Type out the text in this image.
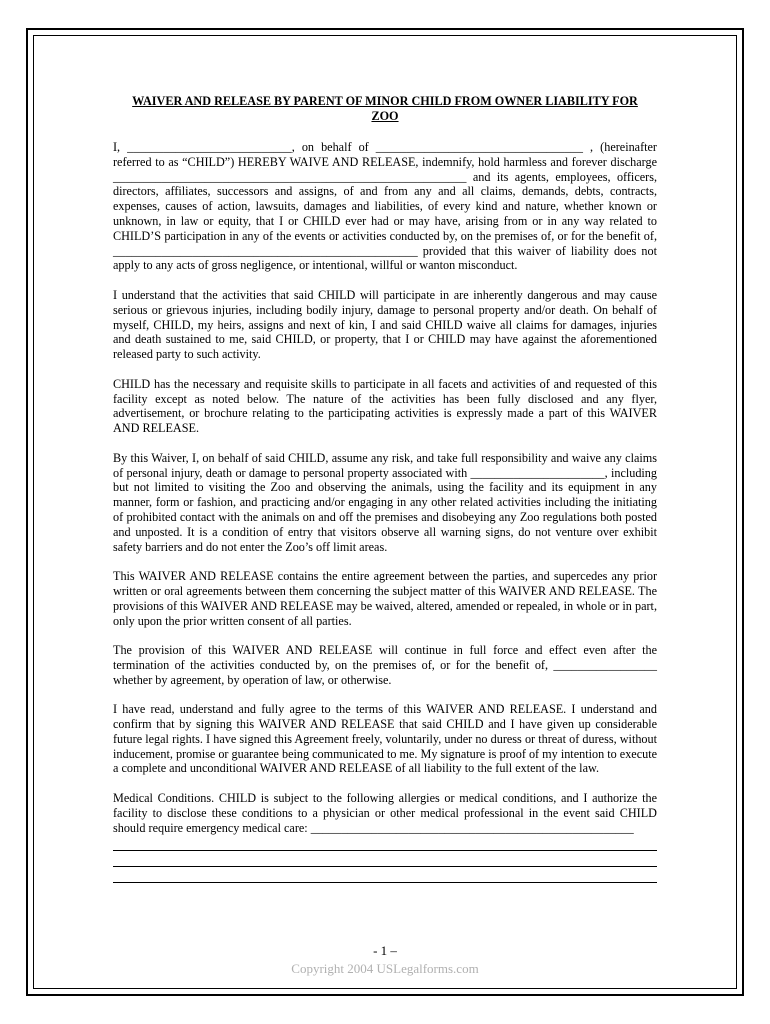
WAIVER AND RELEASE BY PARENT OF MINOR CHILD FROM OWNER LIABILITY FOR
ZOO
I, ___________________________, on behalf of __________________________________ , (hereinafter referred to as “CHILD”) HEREBY WAIVE AND RELEASE, indemnify, hold harmless and forever discharge __________________________________________________________ and its agents, employees, officers, directors, affiliates, successors and assigns, of and from any and all claims, demands, debts, contracts, expenses, causes of action, lawsuits, damages and liabilities, of every kind and nature, whether known or unknown, in law or equity, that I or CHILD ever had or may have, arising from or in any way related to CHILD’S participation in any of the events or activities conducted by, on the premises of, or for the benefit of, __________________________________________________ provided that this waiver of liability does not apply to any acts of gross negligence, or intentional, willful or wanton misconduct.
I understand that the activities that said CHILD will participate in are inherently dangerous and may cause serious or grievous injuries, including bodily injury, damage to personal property and/or death. On behalf of myself, CHILD, my heirs, assigns and next of kin, I and said CHILD waive all claims for damages, injuries and death sustained to me, said CHILD, or property, that I or CHILD may have against the aforementioned released party to such activity.
CHILD has the necessary and requisite skills to participate in all facets and activities of and requested of this facility except as noted below. The nature of the activities has been fully disclosed and any flyer, advertisement, or brochure relating to the participating activities is expressly made a part of this WAIVER AND RELEASE.
By this Waiver, I, on behalf of said CHILD, assume any risk, and take full responsibility and waive any claims of personal injury, death or damage to personal property associated with ______________________, including but not limited to visiting the Zoo and observing the animals, using the facility and its equipment in any manner, form or fashion, and practicing and/or engaging in any other related activities including the initiating of prohibited contact with the animals on and off the premises and disobeying any Zoo regulations both posted and unposted. It is a condition of entry that visitors observe all warning signs, do not venture over exhibit safety barriers and do not enter the Zoo’s off limit areas.
This WAIVER AND RELEASE contains the entire agreement between the parties, and supercedes any prior written or oral agreements between them concerning the subject matter of this WAIVER AND RELEASE. The provisions of this WAIVER AND RELEASE may be waived, altered, amended or repealed, in whole or in part, only upon the prior written consent of all parties.
The provision of this WAIVER AND RELEASE will continue in full force and effect even after the termination of the activities conducted by, on the premises of, or for the benefit of, _________________ whether by agreement, by operation of law, or otherwise.
I have read, understand and fully agree to the terms of this WAIVER AND RELEASE. I understand and confirm that by signing this WAIVER AND RELEASE that said CHILD and I have given up considerable future legal rights. I have signed this Agreement freely, voluntarily, under no duress or threat of duress, without inducement, promise or guarantee being communicated to me. My signature is proof of my intention to execute a complete and unconditional WAIVER AND RELEASE of all liability to the full extent of the law.
Medical Conditions. CHILD is subject to the following allergies or medical conditions, and I authorize the facility to disclose these conditions to a physician or other medical professional in the event said CHILD should require emergency medical care: _____________________________________________________
- 1 –
Copyright 2004 USLegalforms.com
